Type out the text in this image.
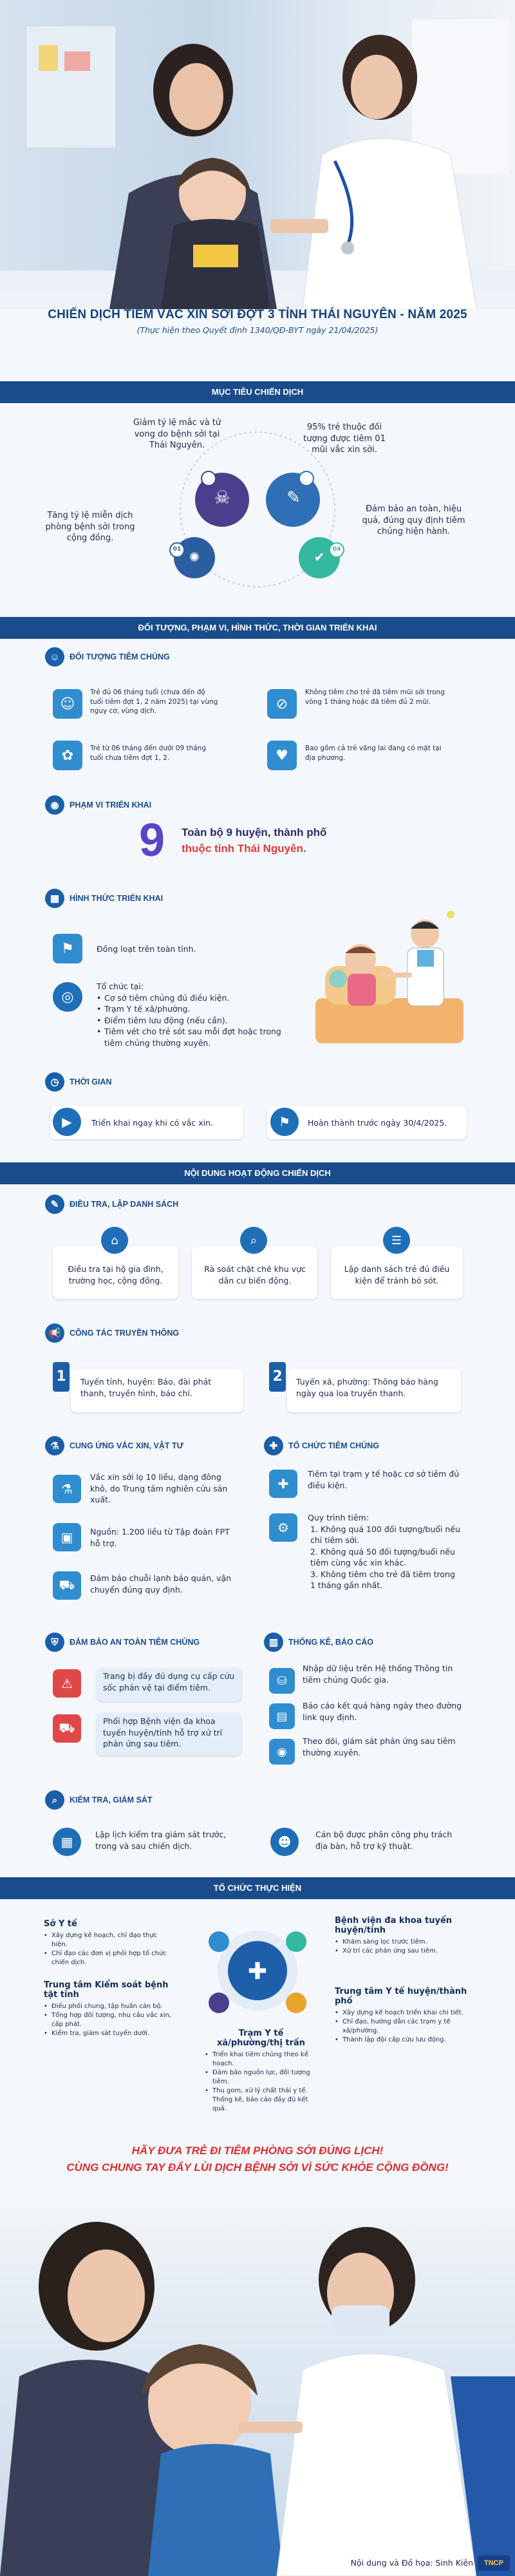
CHIẾN DỊCH TIÊM VẮC XIN SỞI ĐỢT 3 TỈNH THÁI NGUYÊN - NĂM 2025
(Thực hiện theo Quyết định 1340/QĐ-BYT ngày 21/04/2025)
MỤC TIÊU CHIẾN DỊCH
02	03
01	04
☠	✎
✺	✔
Giảm tỷ lệ mắc và tử vong do bệnh sởi tại Thái Nguyên.
95% trẻ thuộc đối tượng được tiêm 01 mũi vắc xin sởi.
Tăng tỷ lệ miễn dịch phòng bệnh sởi trong cộng đồng.
Đảm bảo an toàn, hiệu quả, đúng quy định tiêm chủng hiện hành.
ĐỐI TƯỢNG, PHẠM VI, HÌNH THỨC, THỜI GIAN TRIỂN KHAI
☺	ĐỐI TƯỢNG TIÊM CHỦNG
☺
Trẻ đủ 06 tháng tuổi (chưa đến độ tuổi tiêm đợt 1, 2 năm 2025) tại vùng nguy cơ, vùng dịch.	⊘
Không tiêm cho trẻ đã tiêm mũi sởi trong vòng 1 tháng hoặc đã tiêm đủ 2 mũi.
✿	Trẻ từ 06 tháng đến dưới 09 tháng tuổi chưa tiêm đợt 1, 2.	♥	Bao gồm cả trẻ vãng lai đang có mặt tại địa phương.
◉	PHẠM VI TRIỂN KHAI
9	Toàn bộ 9 huyện, thành phố
thuộc tỉnh Thái Nguyên.
▦	HÌNH THỨC TRIỂN KHAI
⚑	Đồng loạt trên toàn tỉnh.
◎
Tổ chức tại:
• Cơ sở tiêm chủng đủ điều kiện.
• Trạm Y tế xã/phường.
• Điểm tiêm lưu động (nếu cần).
• Tiêm vét cho trẻ sót sau mỗi đợt hoặc trong tiêm chủng thường xuyên.
◷	THỜI GIAN
▶	Triển khai ngay khi có vắc xin.	⚑	Hoàn thành trước ngày 30/4/2025.
NỘI DUNG HOẠT ĐỘNG CHIẾN DỊCH
✎	ĐIỀU TRA, LẬP DANH SÁCH
⌂	⌕	☰
Điều tra tại hộ gia đình, trường học, cộng đồng.
Rà soát chặt chẽ khu vực dân cư biến động.
Lập danh sách trẻ đủ điều kiện để tránh bỏ sót.
📢	CÔNG TÁC TRUYỀN THÔNG
1	Tuyến tỉnh, huyện: Báo, đài phát thanh, truyền hình, báo chí.
2	Tuyến xã, phường: Thông báo hàng ngày qua loa truyền thanh.
⚗	CUNG ỨNG VẮC XIN, VẬT TƯ
⚗
Vắc xin sởi lọ 10 liều, dạng đông khô, do Trung tâm nghiên cứu sản xuất.
▣	Nguồn: 1.200 liều từ Tập đoàn FPT hỗ trợ.
⛟	Đảm bảo chuỗi lạnh bảo quản, vận chuyển đúng quy định.
✚	TỔ CHỨC TIÊM CHỦNG
✚
Tiêm tại trạm y tế hoặc cơ sở tiêm đủ điều kiện.
⚙
Quy trình tiêm:
1. Không quá 100 đối tượng/buổi nếu chỉ tiêm sởi.
2. Không quá 50 đối tượng/buổi nếu tiêm cùng vắc xin khác.
3. Không tiêm cho trẻ đã tiêm trong 1 tháng gần nhất.
⛨	ĐẢM BẢO AN TOÀN TIÊM CHỦNG
⚠	Trang bị đầy đủ dụng cụ cấp cứu sốc phản vệ tại điểm tiêm.
⛟	Phối hợp Bệnh viện đa khoa tuyến huyện/tỉnh hỗ trợ xử trí phản ứng sau tiêm.
▥	THỐNG KÊ, BÁO CÁO
⛁
Nhập dữ liệu trên Hệ thống Thông tin tiêm chủng Quốc gia.
▤
Báo cáo kết quả hàng ngày theo đường link quy định.
◉
Theo dõi, giám sát phản ứng sau tiêm thường xuyên.
⌕	KIỂM TRA, GIÁM SÁT
▦	Lập lịch kiểm tra giám sát trước, trong và sau chiến dịch.	☻	Cán bộ được phân công phụ trách địa bàn, hỗ trợ kỹ thuật.
TỔ CHỨC THỰC HIỆN
✚
Sở Y tế
• Xây dựng kế hoạch, chỉ đạo thực hiện.
• Chỉ đạo các đơn vị phối hợp tổ chức chiến dịch.
Trung tâm Kiểm soát bệnh tật tỉnh
• Điều phối chung, tập huấn cán bộ.
• Tổng hợp đối tượng, nhu cầu vắc xin, cấp phát.
• Kiểm tra, giám sát tuyến dưới.	Trạm Y tế xã/phường/thị trấn
• Triển khai tiêm chủng theo kế hoạch.
• Đảm bảo nguồn lực, đối tượng tiêm.
• Thu gom, xử lý chất thải y tế. Thống kê, báo cáo đầy đủ kết quả.
Bệnh viện đa khoa tuyến huyện/tỉnh
• Khám sàng lọc trước tiêm.
• Xử trí các phản ứng sau tiêm.
Trung tâm Y tế huyện/thành phố
• Xây dựng kế hoạch triển khai chi tiết.
• Chỉ đạo, hướng dẫn các trạm y tế xã/phường.
• Thành lập đội cấp cứu lưu động.
HÃY ĐƯA TRẺ ĐI TIÊM PHÒNG SỞI ĐÚNG LỊCH!
CÙNG CHUNG TAY ĐẨY LÙI DỊCH BỆNH SỞI VÌ SỨC KHỎE CỘNG ĐỒNG!
Nội dung và Đồ họa: Sinh Kiên	TNCP
